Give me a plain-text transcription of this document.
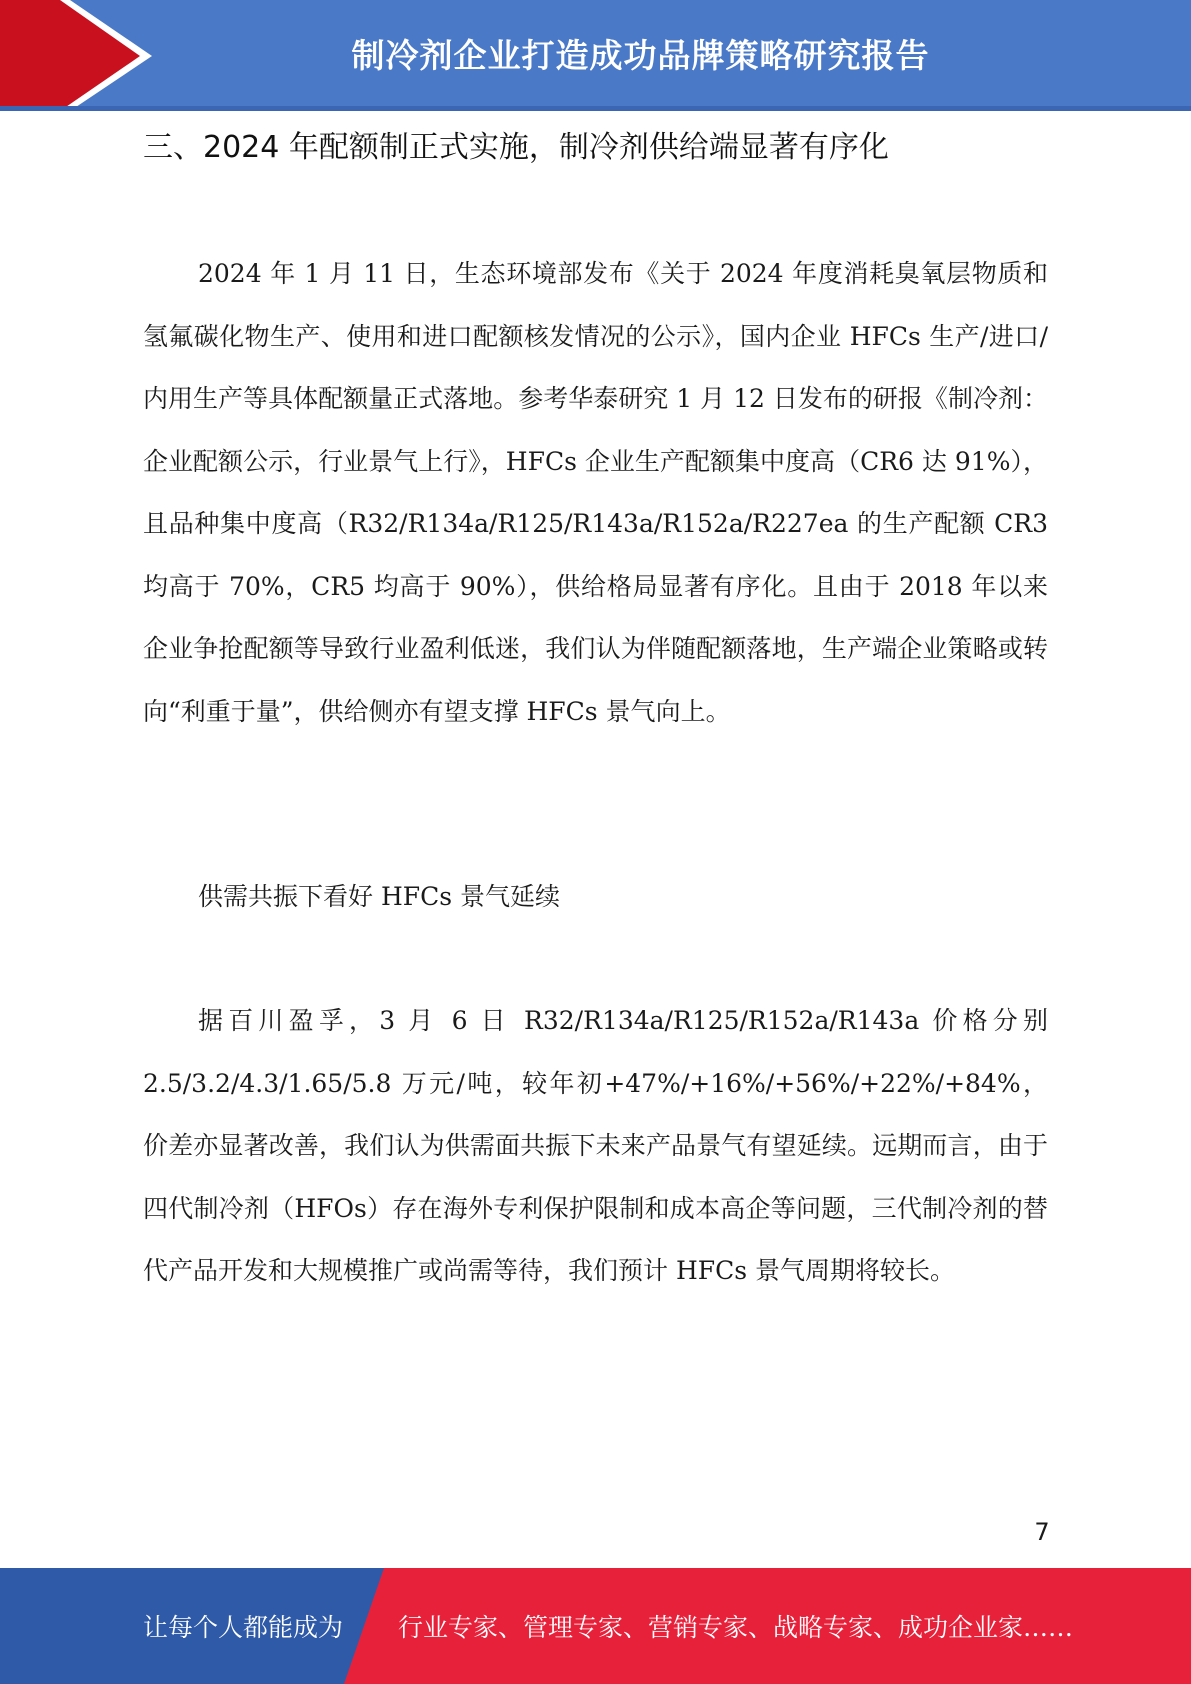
制冷剂企业打造成功品牌策略研究报告
三、2024 年配额制正式实施，制冷剂供给端显著有序化

2024 年 1 月 11 日，生态环境部发布《关于 2024 年度消耗臭氧层物质和氢氟碳化物生产、使用和进口配额核发情况的公示》，国内企业 HFCs 生产/进口/内用生产等具体配额量正式落地。参考华泰研究 1 月 12 日发布的研报《制冷剂：企业配额公示，行业景气上行》，HFCs 企业生产配额集中度高（CR6 达 91%），且品种集中度高（R32/R134a/R125/R143a/R152a/R227ea 的生产配额 CR3 均高于 70%，CR5 均高于 90%），供给格局显著有序化。且由于 2018 年以来企业争抢配额等导致行业盈利低迷，我们认为伴随配额落地，生产端企业策略或转向“利重于量”，供给侧亦有望支撑 HFCs 景气向上。

供需共振下看好 HFCs 景气延续

据百川盈孚，3 月 6 日 R32/R134a/R125/R152a/R143a 价格分别 2.5/3.2/4.3/1.65/5.8 万元/吨，较年初+47%/+16%/+56%/+22%/+84%，价差亦显著改善，我们认为供需面共振下未来产品景气有望延续。远期而言，由于四代制冷剂（HFOs）存在海外专利保护限制和成本高企等问题，三代制冷剂的替代产品开发和大规模推广或尚需等待，我们预计 HFCs 景气周期将较长。

7
让每个人都能成为 行业专家、管理专家、营销专家、战略专家、成功企业家……
